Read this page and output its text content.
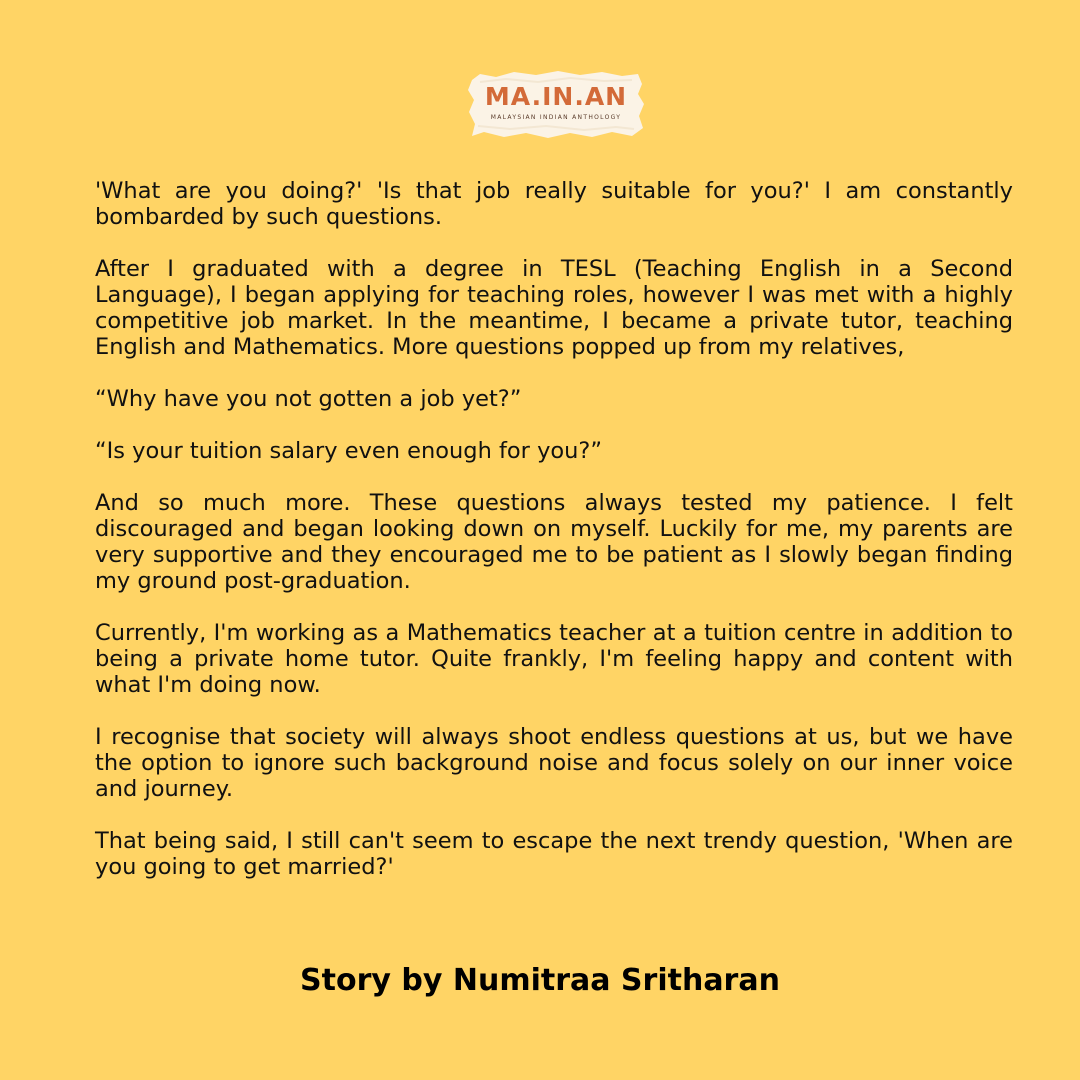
MA.IN.AN
MALAYSIAN INDIAN ANTHOLOGY

'What are you doing?' 'Is that job really suitable for you?' I am constantly bombarded by such questions.

After I graduated with a degree in TESL (Teaching English in a Second Language), I began applying for teaching roles, however I was met with a highly competitive job market. In the meantime, I became a private tutor, teaching English and Mathematics. More questions popped up from my relatives,

“Why have you not gotten a job yet?”

“Is your tuition salary even enough for you?”

And so much more. These questions always tested my patience. I felt discouraged and began looking down on myself. Luckily for me, my parents are very supportive and they encouraged me to be patient as I slowly began finding my ground post-graduation.

Currently, I'm working as a Mathematics teacher at a tuition centre in addition to being a private home tutor. Quite frankly, I'm feeling happy and content with what I'm doing now.

I recognise that society will always shoot endless questions at us, but we have the option to ignore such background noise and focus solely on our inner voice and journey.

That being said, I still can't seem to escape the next trendy question, 'When are you going to get married?'

Story by Numitraa Sritharan
